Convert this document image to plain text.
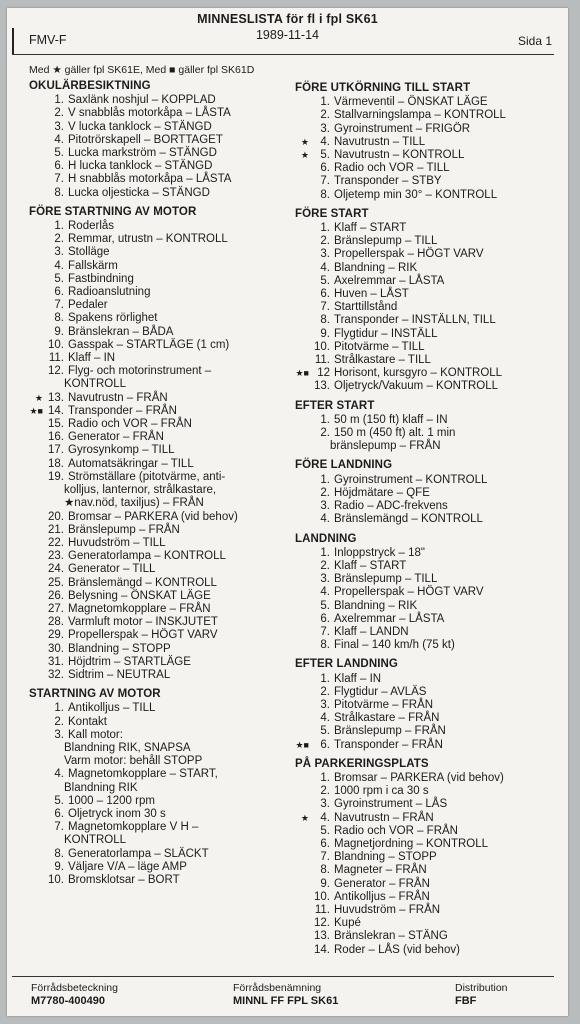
MINNESLISTA för fl i fpl SK61
FMV-F	1989-11-14	Sida 1
Med ★ gäller fpl SK61E, Med ■ gäller fpl SK61D
OKULÄRBESIKTNING
1. Saxlänk noshjul – KOPPLAD
2. V snabblås motorkåpa – LÅSTA
3. V lucka tanklock – STÄNGD
4. Pitotrörskapell – BORTTAGET
5. Lucka markström – STÄNGD
6. H lucka tanklock – STÄNGD
7. H snabblås motorkåpa – LÅSTA
8. Lucka oljesticka – STÄNGD
FÖRE STARTNING AV MOTOR
1. Roderlås
2. Remmar, utrustn – KONTROLL
3. Stolläge
4. Fallskärm
5. Fastbindning
6. Radioanslutning
7. Pedaler
8. Spakens rörlighet
9. Bränslekran – BÅDA
10. Gasspak – STARTLÄGE (1 cm)
11. Klaff – IN
12. Flyg- och motorinstrument –
KONTROLL
★ 13. Navutrustn – FRÅN
★■ 14. Transponder – FRÅN
15. Radio och VOR – FRÅN
16. Generator – FRÅN
17. Gyrosynkomp – TILL
18. Automatsäkringar – TILL
19. Strömställare (pitotvärme, anti-
kolljus, lanternor, strålkastare,
★nav.nöd, taxiljus) – FRÅN
20. Bromsar – PARKERA (vid behov)
21. Bränslepump – FRÅN
22. Huvudström – TILL
23. Generatorlampa – KONTROLL
24. Generator – TILL
25. Bränslemängd – KONTROLL
26. Belysning – ÖNSKAT LÄGE
27. Magnetomkopplare – FRÅN
28. Varmluft motor – INSKJUTET
29. Propellerspak – HÖGT VARV
30. Blandning – STOPP
31. Höjdtrim – STARTLÄGE
32. Sidtrim – NEUTRAL
STARTNING AV MOTOR
1. Antikolljus – TILL
2. Kontakt
3. Kall motor:
Blandning RIK, SNAPSA
Varm motor: behåll STOPP
4. Magnetomkopplare – START,
Blandning RIK
5. 1000 – 1200 rpm
6. Oljetryck inom 30 s
7. Magnetomkopplare V H –
KONTROLL
8. Generatorlampa – SLÄCKT
9. Väljare V/A – läge AMP
10. Bromsklotsar – BORT
FÖRE UTKÖRNING TILL START
1. Värmeventil – ÖNSKAT LÄGE
2. Stallvarningslampa – KONTROLL
3. Gyroinstrument – FRIGÖR
★ 4. Navutrustn – TILL
★ 5. Navutrustn – KONTROLL
6. Radio och VOR – TILL
7. Transponder – STBY
8. Oljetemp min 30° – KONTROLL
FÖRE START
1. Klaff – START
2. Bränslepump – TILL
3. Propellerspak – HÖGT VARV
4. Blandning – RIK
5. Axelremmar – LÅSTA
6. Huven – LÅST
7. Starttillstånd
8. Transponder – INSTÄLLN, TILL
9. Flygtidur – INSTÄLL
10. Pitotvärme – TILL
11. Strålkastare – TILL
★■ 12 Horisont, kursgyro – KONTROLL
13. Oljetryck/Vakuum – KONTROLL
EFTER START
1. 50 m (150 ft) klaff – IN
2. 150 m (450 ft) alt. 1 min
bränslepump – FRÅN
FÖRE LANDNING
1. Gyroinstrument – KONTROLL
2. Höjdmätare – QFE
3. Radio – ADC-frekvens
4. Bränslemängd – KONTROLL
LANDNING
1. Inloppstryck – 18"
2. Klaff – START
3. Bränslepump – TILL
4. Propellerspak – HÖGT VARV
5. Blandning – RIK
6. Axelremmar – LÅSTA
7. Klaff – LANDN
8. Final – 140 km/h (75 kt)
EFTER LANDNING
1. Klaff – IN
2. Flygtidur – AVLÄS
3. Pitotvärme – FRÅN
4. Strålkastare – FRÅN
5. Bränslepump – FRÅN
★■ 6. Transponder – FRÅN
PÅ PARKERINGSPLATS
1. Bromsar – PARKERA (vid behov)
2. 1000 rpm i ca 30 s
3. Gyroinstrument – LÅS
★ 4. Navutrustn – FRÅN
5. Radio och VOR – FRÅN
6. Magnetjordning – KONTROLL
7. Blandning – STOPP
8. Magneter – FRÅN
9. Generator – FRÅN
10. Antikolljus – FRÅN
11. Huvudström – FRÅN
12. Kupé
13. Bränslekran – STÄNG
14. Roder – LÅS (vid behov)
Förrådsbeteckning
M7780-400490
Förrådsbenämning
MINNL FF FPL SK61
Distribution
FBF
